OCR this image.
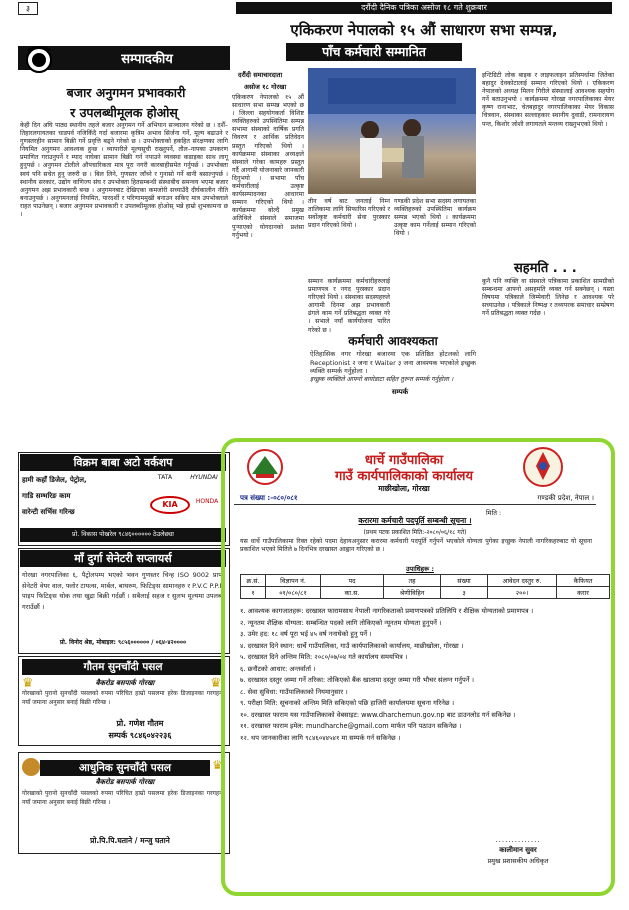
३	दरौंदी दैनिक पत्रिका असोज १८ गते शुक्रबार
सम्पादकीय
बजार अनुगमन प्रभावकारी
र उपलब्धीमूलक होओस्
केही दिन अघि पाठ्य स्थानीय तहले बजार अनुगमन गर्ने अभियान सञ्चालन गरेको छ । दशैँ–तिहारलगायतका चाडपर्व नजिकिँदै गर्दा बजारमा कृत्रिम अभाव सिर्जना गर्ने, मूल्य बढाउने र गुणस्तरहीन सामान बिक्री गर्ने प्रवृत्ति बढ्ने गरेको छ । उपभोक्ताको हकहित संरक्षणका लागि नियमित अनुगमन आवश्यक हुन्छ । व्यापारीले मूल्यसूची राख्नुपर्ने, तौल–नापका उपकरण प्रमाणित गराउनुपर्ने र म्याद नाघेका सामान बिक्री गर्न नपाउने व्यवस्था कडाइका साथ लागू हुनुपर्छ । अनुगमन टोलीले औपचारिकता मात्र पूरा नगरी कारबाहीसमेत गर्नुपर्छ । उपभोक्ता स्वयं पनि सचेत हुनु जरुरी छ । बिल लिने, गुणस्तर जाँच्ने र गुनासो गर्ने बानी बसाल्नुपर्छ । स्थानीय सरकार, उद्योग वाणिज्य संघ र उपभोक्ता हितसम्बन्धी संस्थाबीच समन्वय भएमा बजार अनुगमन अझ प्रभावकारी बन्छ । अनुगमनबाट देखिएका कमजोरी सच्याउँदै दीर्घकालीन नीति बनाउनुपर्छ । अनुगमनलाई नियमित, पारदर्शी र परिणाममुखी बनाउन सकिए मात्र उपभोक्ताले राहत पाउनेछन् । बजार अनुगमन प्रभावकारी र उपलब्धीमूलक होओस् भन्ने हाम्रो शुभकामना छ ।
विक्रम बाबा अटो वर्कशप
हामी कहाँ डिजेल, पेट्रोल,
गाडि सम्भरिङ काम
वारेन्टी सर्भिस गरिन्छ
TATA	HYUNDAI
KIA	HONDA
प्रो. विकास पोखरेल ९८४६०००००० ठेउलेछ्या
माँ दुर्गा सेनेटरी सप्लायर्स
गोरखा नगरपालिका ६, पैट्रोलपम्प भएको भवन गुणस्तर चिन्ह ISO 9002 प्राप्त सेनेटरी वेयर वाल, फ्लोर टायल्स, मार्बल, बाथरुम, फिटिङ्स सामानहरु र P.V.C P.P.R पाइप फिटिङ्स थोक तथा खुद्रा बिक्री गर्दछौं । सबैलाई सहज र सुलभ मूल्यमा उपलब्ध गराउँछौं ।
प्रो. विनोद श्रेष्ठ, मोबाइल: ९८५६०००००० / ०६४-४२००००
गौतम सुनचाँदी पसल
♛	बैकरोड बसपार्क गोरखा	♛
गोरखाको पुरानो सुनचाँदी पसलको रुपमा परिचित हाम्रो पसलमा हरेक डिजाइनका गरगहना नयाँ जमाना अनुसार बनाई बिक्री गरिन्छ ।
प्रो. गणेश गौतम
सम्पर्क ९८४६०४२२३६
आधुनिक सुनचाँदी पसल	♛
बैकरोड बसपार्क गोरखा
गोरखाको पुरानो सुनचाँदी पसलको रुपमा परिचित हाम्रो पसलमा हरेक डिजाइनका गरगहना नयाँ जमाना अनुसार बनाई बिक्री गरिन्छ ।
प्रो.पि.पि.घताने / मन्जु घताने
एकिकरण नेपालको १५ औं साधारण सभा सम्पन्न,
पाँच कर्मचारी सम्मानित
दरौंदी समाचारदाता
असोज १८ गोरखा
एकिकरण नेपालको १५ औं साधारण सभा सम्पन्न भएको छ । जिल्ला सहयोगकर्ता विशिष्ट व्यक्तिहरुको उपस्थितिमा सम्पन्न सभामा संस्थाको वार्षिक प्रगति विवरण र आर्थिक प्रतिवेदन प्रस्तुत गरिएको थियो । कार्यक्रममा संस्थाका अध्यक्षले संस्थाले गरेका कामहरु प्रस्तुत गर्दै आगामी योजनाबारे जानकारी दिनुभयो । सभामा पाँच कर्मचारीलाई उत्कृष्ट कार्यसम्पादनका आधारमा सम्मान गरिएको थियो । कार्यक्रममा बोल्दै प्रमुख अतिथिले संस्थाले समाजमा पुर्‍याएको योगदानको प्रशंसा गर्नुभयो ।
तीन वर्ष बाट जनताई निम्न तालिकामा लागि सिफारिस गरिएको र सर्वोत्कृष्ट कर्मचारी सेवा पुरस्कार प्रदान गरिएको थियो ।
सम्मान कार्यक्रममा कर्मचारीहरुलाई प्रमाणपत्र र नगद पुरस्कार प्रदान गरिएको थियो । संस्थाका सदस्यहरुले आगामी दिनमा अझ प्रभावकारी ढंगले काम गर्ने प्रतिबद्धता व्यक्त गरे । सभाले नयाँ कार्ययोजना पारित गरेको छ ।
गण्डकी प्रदेश सभा सदस्य लगायतका व्यक्तिहरुको उपस्थितिमा कार्यक्रम सम्पन्न भएको थियो । कार्यक्रममा उत्कृष्ट काम गर्नेलाई सम्मान गरिएको थियो ।
इन्टिग्रिटी लोक बाइक र लाइफलाइन प्रतिस्पर्धामा जितेका बहादुर देवकोटालाई सम्मान गरिएको थियो । एकिकरण नेपालको अध्यक्ष मिलन गिरीले संस्थालाई आवश्यक सहयोग गर्ने बताउनुभयो । कार्यक्रममा गोरखा नगरपालिकाका मेयर कृष्ण रानाभाट, चेतबहादुर नगरपालिकाका मेयर विकास चित्रवान, संस्थाका सल्लाहकार स्थानीय दुवाडी, रामनारायण पन्त, किशोर जोशी लगायतले मन्तव्य राख्नुभएको थियो ।
कर्मचारी आवश्यकता
ऐतिहासिक नगर गोरखा बजारमा एक प्रतिष्ठित होटलको लागि Receptionist २ जना र Waiter ३ जना आवश्यक भएकोले इच्छुक व्यक्ति सम्पर्क गर्नुहोला ।
इच्छुक व्यक्तिले आफ्नो बायोडाटा सहित तुरुन्त सम्पर्क गर्नुहोला ।
सम्पर्क
सहमति . . .
कुनै पनि व्यक्ति वा संस्थाले पत्रिकामा प्रकाशित सामग्रीको सम्बन्धमा आफ्नो असहमति व्यक्त गर्न सक्नेछन् । यस्ता विषयमा पत्रिकाले जिम्मेवारी लिनेछ र आवश्यक परे सच्याउनेछ । पत्रिकाले निष्पक्ष र तथ्यपरक समाचार सम्प्रेषण गर्ने प्रतिबद्धता व्यक्त गर्दछ ।
धार्चे गाउँपालिका
गाउँ कार्यपालिकाको कार्यालय
माछीखोला, गोरखा
गण्डकी प्रदेश, नेपाल ।
पत्र संख्या :-०८०/०८१
मिति :
करारमा कर्मचारी पदपूर्ति सम्बन्धी सूचना ।
(प्रथम पटक प्रकाशित मिति:-२०८०/०६/१८ गते)
यस धार्चे गाउँपालिकामा रिक्त रहेको पदमा देहायअनुसार करारमा कर्मचारी पदपूर्ति गर्नुपर्ने भएकोले योग्यता पुगेका इच्छुक नेपाली नागरिकहरुबाट यो सूचना प्रकाशित भएको मितिले ७ दिनभित्र दरखास्त आह्वान गरिएको छ ।
उपाधिहरू :
क्र.सं.	विज्ञापन नं.	पद	तह	संख्या	आवेदन दस्तुर रु.	कैफियत
१	०१/०८०/८१	का.स.	श्रेणीविहिन	३	२००।	करार
१. आवश्यक कागजातहरू: दरखास्त फारामसाथ नेपाली नागरिकताको प्रमाणपत्रको प्रतिलिपि र शैक्षिक योग्यताको प्रमाणपत्र ।
२. न्यूनतम शैक्षिक योग्यता: सम्बन्धित पदको लागि तोकिएको न्यूनतम योग्यता हुनुपर्ने ।
३. उमेर हद: १८ वर्ष पूरा भई ४५ वर्ष ननाघेको हुनु पर्ने ।
४. दरखास्त दिने स्थान: धार्चे गाउँपालिका, गाउँ कार्यपालिकाको कार्यालय, माछीखोला, गोरखा ।
५. दरखास्त दिने अन्तिम मिति: २०८०/०७/०४ गते कार्यालय समयभित्र ।
६. छनौटको आधार: अन्तर्वार्ता ।
७. दरखास्त दस्तुर जम्मा गर्ने तरिका: तोकिएको बैंक खातामा दस्तुर जम्मा गरी भौचर संलग्न गर्नुपर्ने ।
८. सेवा सुविधा: गाउँपालिकाको नियमानुसार ।
९. परीक्षा मिति: सूचनाको अन्तिम मिति सकिएको पछि हाजिरी कार्यालयमा सूचना गरिनेछ ।
१०. दरखास्त फाराम यस गाउँपालिकाको वेबसाइट: www.dharchemun.gov.np बाट डाउनलोड गर्न सकिनेछ ।
११. दरखास्त फाराम इमेल: mundharche@gmail.com मार्फत पनि पठाउन सकिनेछ ।
१२. थप जानकारीका लागि ९८४६०४४५४१ मा सम्पर्क गर्न सकिनेछ ।
..............
कालीमान सुवर
प्रमुख प्रशासकीय अधिकृत
